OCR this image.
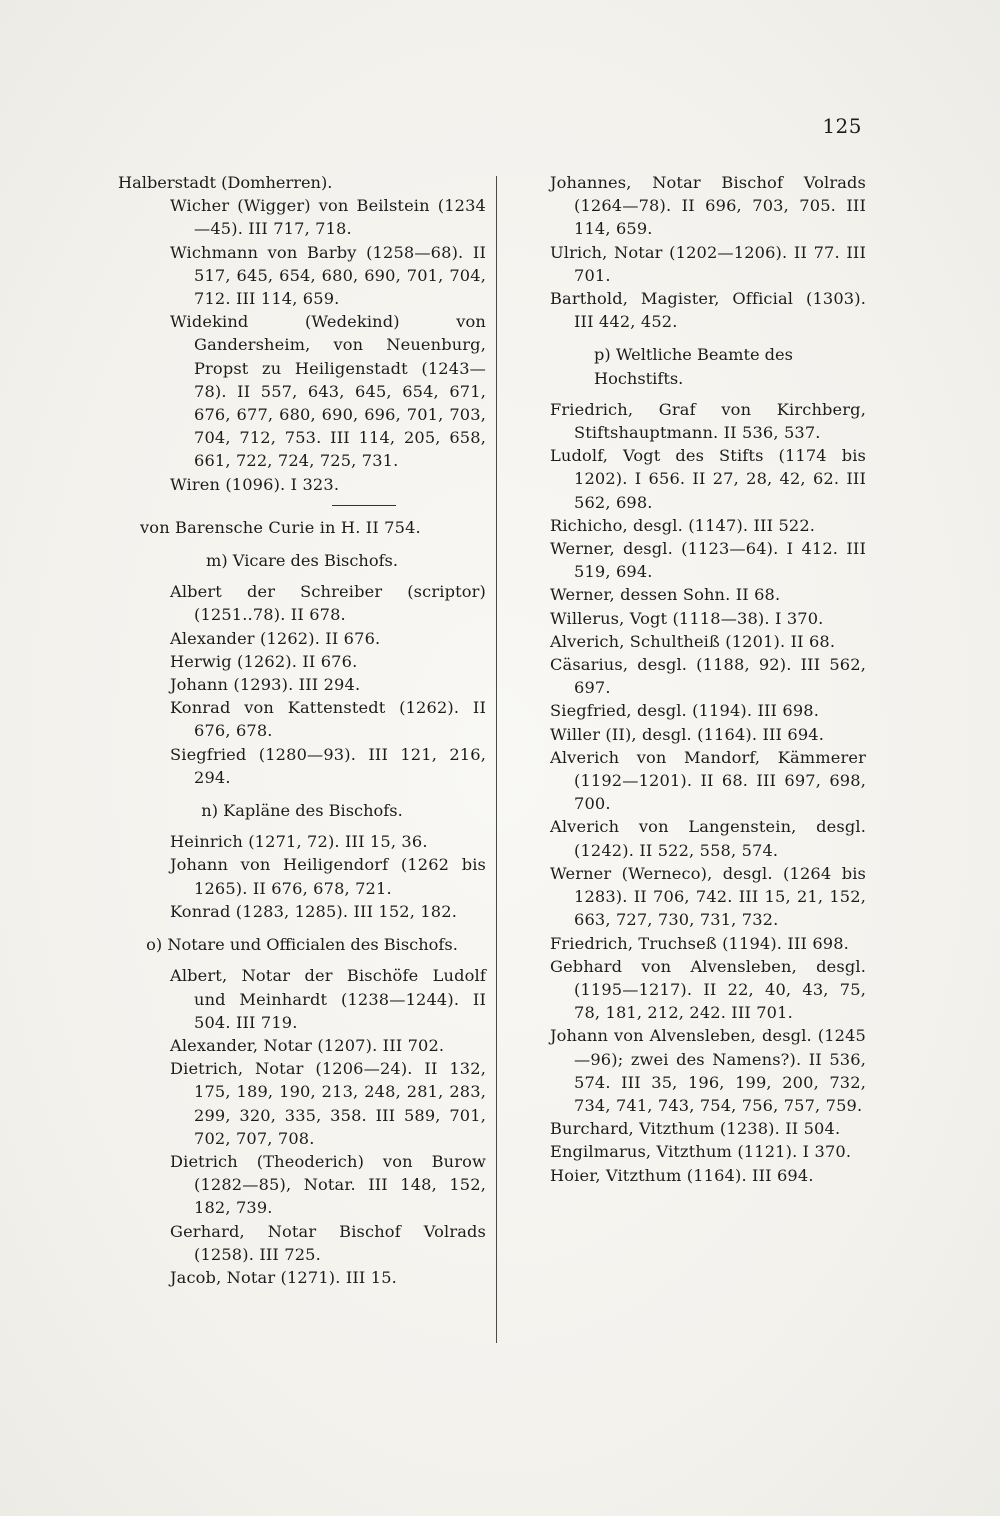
125

Halberstadt (Domherren).

Wicher (Wigger) von Beilstein (1234—45). III 717, 718.

Wichmann von Barby (1258—68). II 517, 645, 654, 680, 690, 701, 704, 712. III 114, 659.

Widekind (Wedekind) von Gandersheim, von Neuenburg, Propst zu Heiligenstadt (1243—78). II 557, 643, 645, 654, 671, 676, 677, 680, 690, 696, 701, 703, 704, 712, 753. III 114, 205, 658, 661, 722, 724, 725, 731.

Wiren (1096). I 323.

von Barensche Curie in H. II 754.

m) Vicare des Bischofs.

Albert der Schreiber (scriptor) (1251..78). II 678.

Alexander (1262). II 676.

Herwig (1262). II 676.

Johann (1293). III 294.

Konrad von Kattenstedt (1262). II 676, 678.

Siegfried (1280—93). III 121, 216, 294.

n) Kapläne des Bischofs.

Heinrich (1271, 72). III 15, 36.

Johann von Heiligendorf (1262 bis 1265). II 676, 678, 721.

Konrad (1283, 1285). III 152, 182.

o) Notare und Officialen des Bischofs.

Albert, Notar der Bischöfe Ludolf und Meinhardt (1238—1244). II 504. III 719.

Alexander, Notar (1207). III 702.

Dietrich, Notar (1206—24). II 132, 175, 189, 190, 213, 248, 281, 283, 299, 320, 335, 358. III 589, 701, 702, 707, 708.

Dietrich (Theoderich) von Burow (1282—85), Notar. III 148, 152, 182, 739.

Gerhard, Notar Bischof Volrads (1258). III 725.

Jacob, Notar (1271). III 15.

Johannes, Notar Bischof Volrads (1264—78). II 696, 703, 705. III 114, 659.

Ulrich, Notar (1202—1206). II 77. III 701.

Barthold, Magister, Official (1303). III 442, 452.

p) Weltliche Beamte des Hochstifts.

Friedrich, Graf von Kirchberg, Stiftshauptmann. II 536, 537.

Ludolf, Vogt des Stifts (1174 bis 1202). I 656. II 27, 28, 42, 62. III 562, 698.

Richicho, desgl. (1147). III 522.

Werner, desgl. (1123—64). I 412. III 519, 694.

Werner, dessen Sohn. II 68.

Willerus, Vogt (1118—38). I 370.

Alverich, Schultheiß (1201). II 68.

Cäsarius, desgl. (1188, 92). III 562, 697.

Siegfried, desgl. (1194). III 698.

Willer (II), desgl. (1164). III 694.

Alverich von Mandorf, Kämmerer (1192—1201). II 68. III 697, 698, 700.

Alverich von Langenstein, desgl. (1242). II 522, 558, 574.

Werner (Werneco), desgl. (1264 bis 1283). II 706, 742. III 15, 21, 152, 663, 727, 730, 731, 732.

Friedrich, Truchseß (1194). III 698.

Gebhard von Alvensleben, desgl. (1195—1217). II 22, 40, 43, 75, 78, 181, 212, 242. III 701.

Johann von Alvensleben, desgl. (1245—96); zwei des Namens?). II 536, 574. III 35, 196, 199, 200, 732, 734, 741, 743, 754, 756, 757, 759.

Burchard, Vitzthum (1238). II 504.

Engilmarus, Vitzthum (1121). I 370.

Hoier, Vitzthum (1164). III 694.
